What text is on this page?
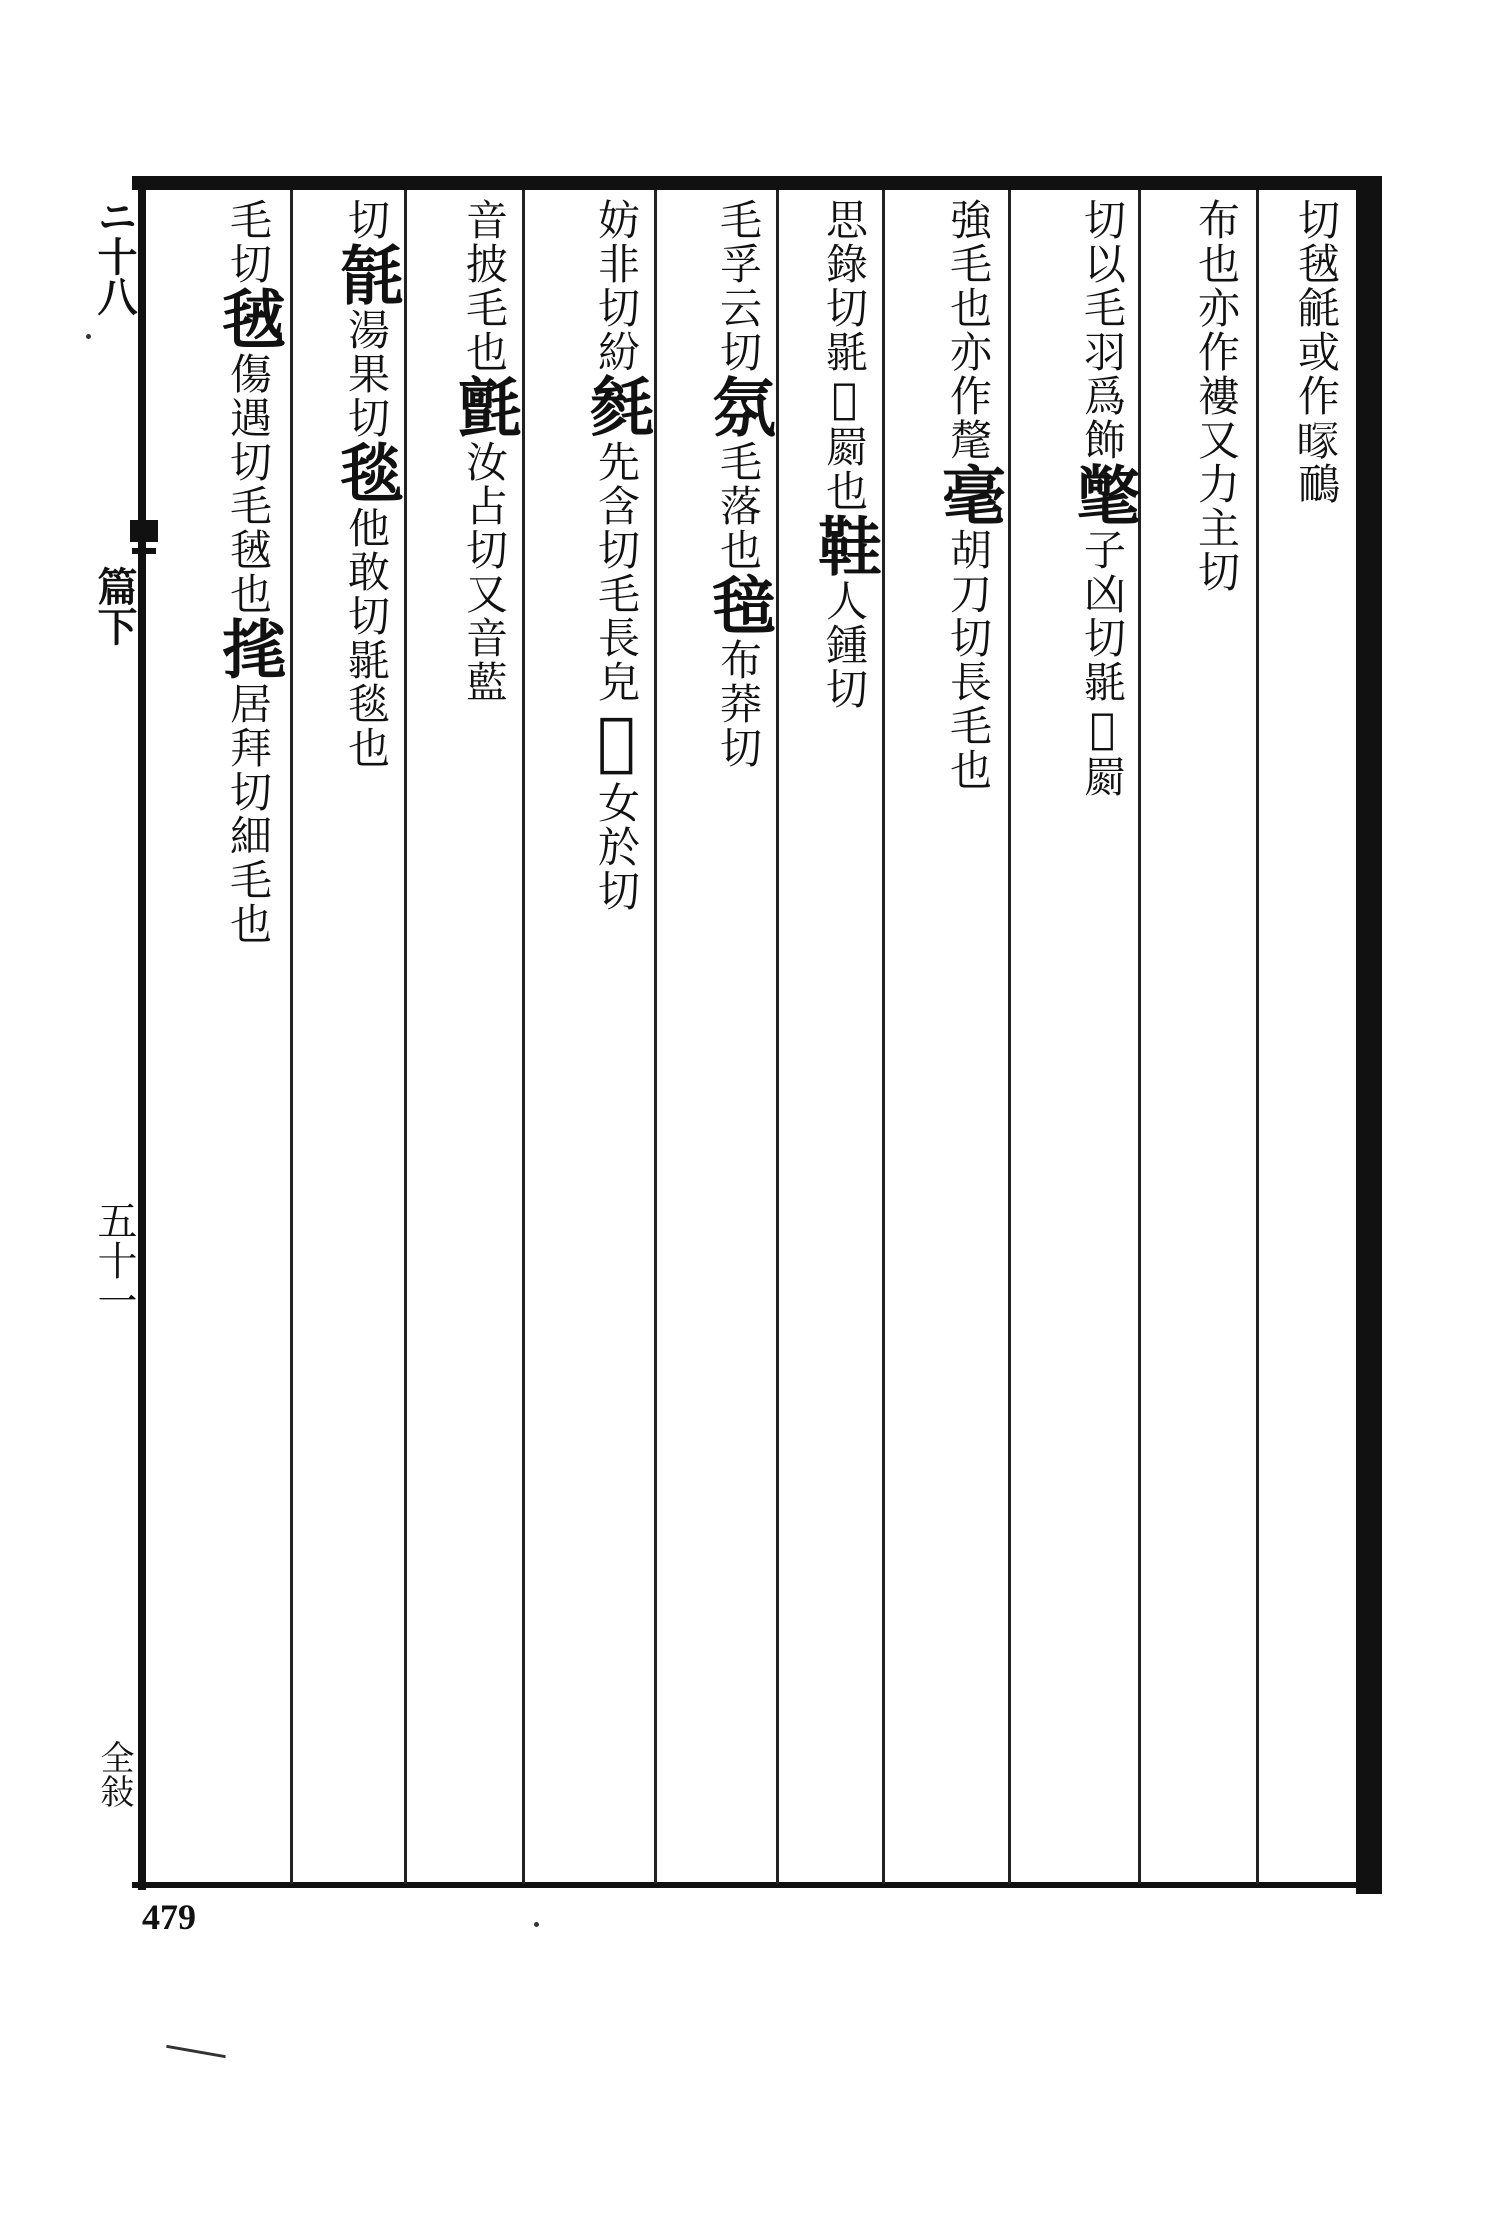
切毧毹或作𥉕鴯
布也亦作褸又力主切
切以毛羽爲飾氅子凶切毾𣯂罽
強毛也亦作氂毫胡刀切長毛也
思錄切毾𣯂罽也鞋人鍾切
毛孚云切氛毛落也毰布莽切
妨非切紛毵先含切毛長皃𣰰女於切
音披毛也氈汝占切又音藍
切毻湯果切毯他敢切毾毯也
毛切毧傷遇切毛毧也毮居拜切細毛也
ニ十八
篇下
五十一
全敍
479
